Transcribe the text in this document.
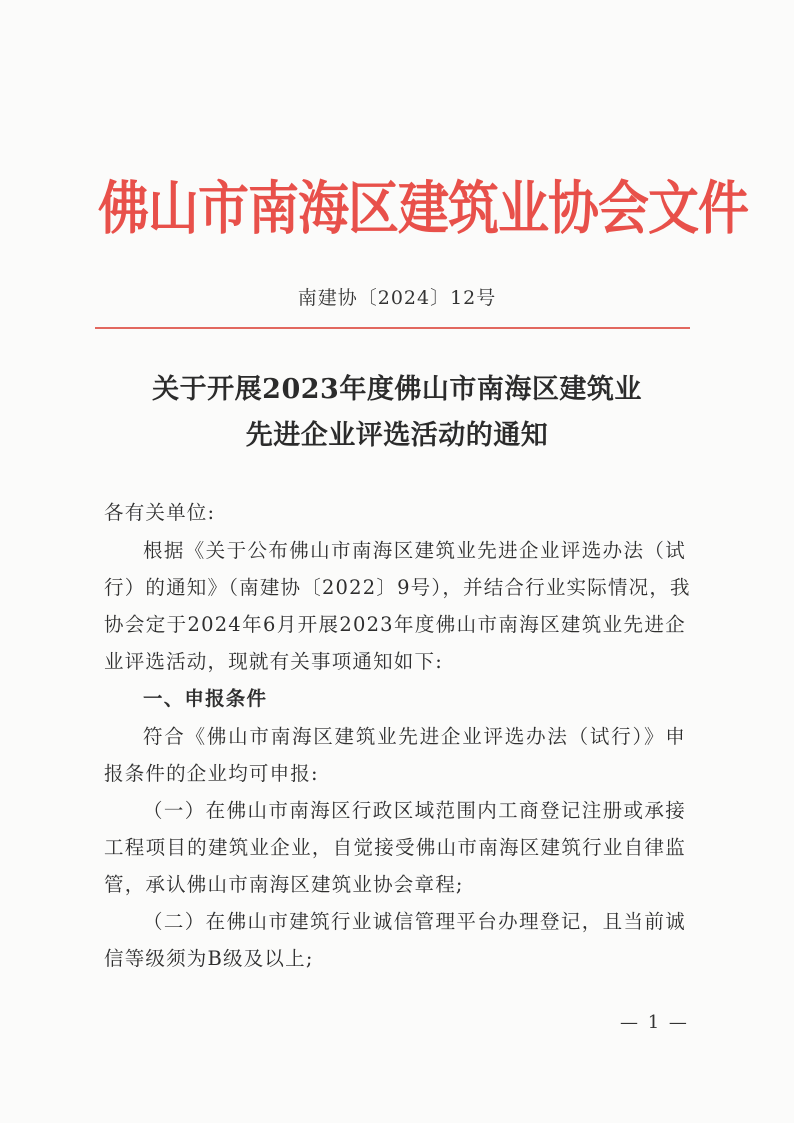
佛山市南海区建筑业协会文件
南建协〔2024〕12号
关于开展2023年度佛山市南海区建筑业
先进企业评选活动的通知
各有关单位:
根据《关于公布佛山市南海区建筑业先进企业评选办法（试
行）的通知》（南建协〔2022〕9号），并结合行业实际情况，我
协会定于2024年6月开展2023年度佛山市南海区建筑业先进企
业评选活动，现就有关事项通知如下:
一、申报条件
符合《佛山市南海区建筑业先进企业评选办法（试行）》申
报条件的企业均可申报:
（一）在佛山市南海区行政区域范围内工商登记注册或承接
工程项目的建筑业企业，自觉接受佛山市南海区建筑行业自律监
管，承认佛山市南海区建筑业协会章程;
（二）在佛山市建筑行业诚信管理平台办理登记，且当前诚
信等级须为B级及以上;
— 1 —
